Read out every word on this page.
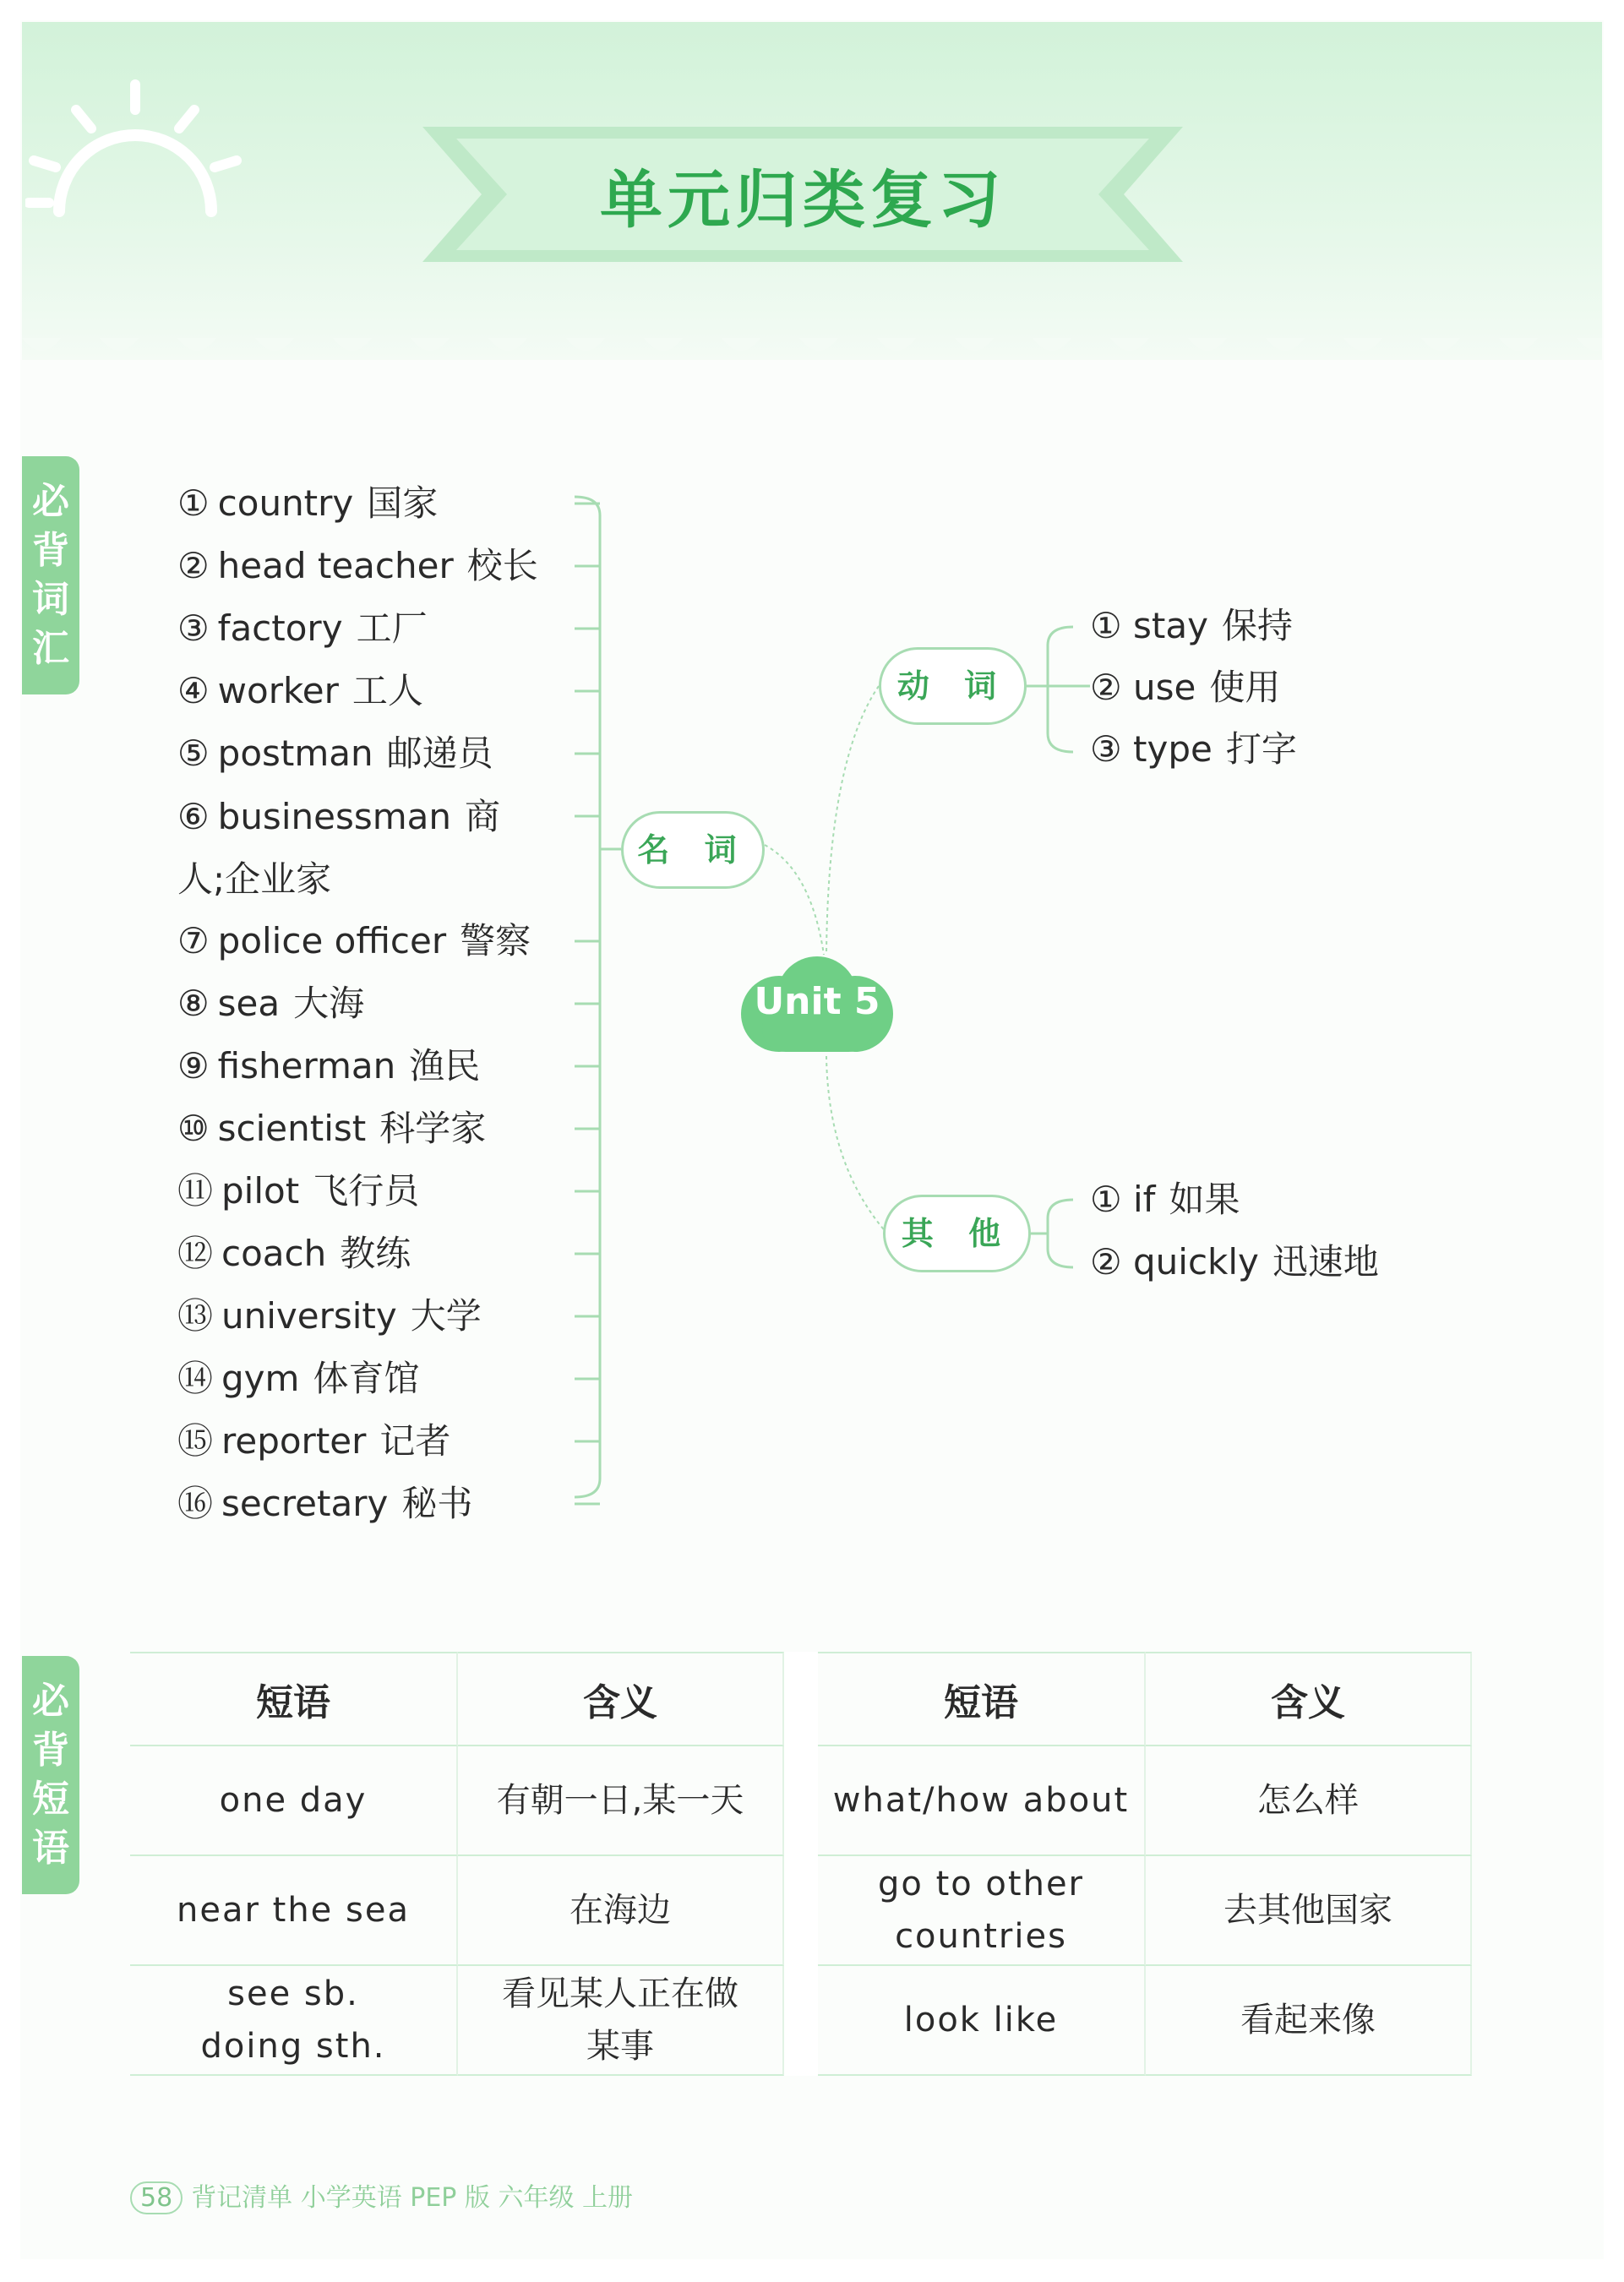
单元归类复习
必
背
词
汇
① country 国家
② head teacher 校长
③ factory 工厂
④ worker 工人
⑤ postman 邮递员
⑥ businessman 商人;企业家
⑦ police officer 警察
⑧ sea 大海
⑨ fisherman 渔民
⑩ scientist 科学家
⑪ pilot 飞行员
⑫ coach 教练
⑬ university 大学
⑭ gym 体育馆
⑮ reporter 记者
⑯ secretary 秘书
名 词
动 词
其 他
Unit 5
① stay 保持
② use 使用
③ type 打字
① if 如果
② quickly 迅速地
必
背
短
语
短语	含义		短语	含义
one day	有朝一日,某一天		what/how about	怎么样
near the sea	在海边		go to other countries	去其他国家
see sb. doing sth.	看见某人正在做某事		look like	看起来像
58 背记清单 小学英语 PEP 版 六年级 上册
